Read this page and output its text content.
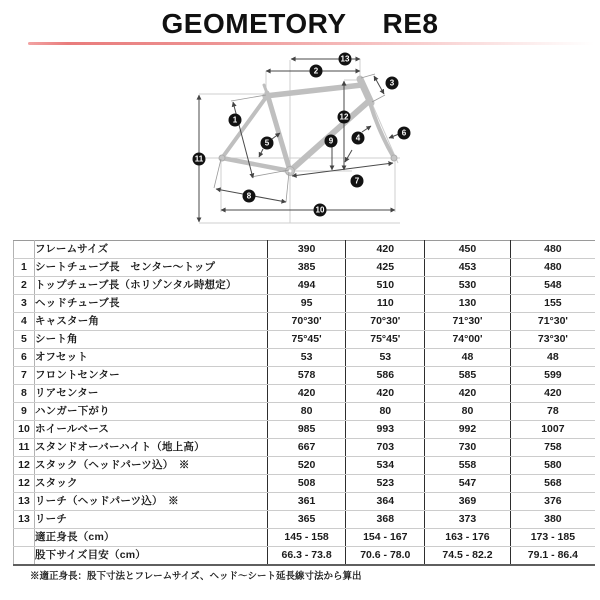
GEOMETORY RE8
1
2
3
4
5
6
7
8
9
10
11
12
13
	フレームサイズ	390	420	450	480
1	シートチューブ長　センター〜トップ	385	425	453	480
2	トップチューブ長（ホリゾンタル時想定）	494	510	530	548
3	ヘッドチューブ長	95	110	130	155
4	キャスター角	70°30'	70°30'	71°30'	71°30'
5	シート角	75°45'	75°45'	74°00'	73°30'
6	オフセット	53	53	48	48
7	フロントセンター	578	586	585	599
8	リアセンター	420	420	420	420
9	ハンガー下がり	80	80	80	78
10	ホイールベース	985	993	992	1007
11	スタンドオーバーハイト（地上高）	667	703	730	758
12	スタック（ヘッドパーツ込）　※	520	534	558	580
12	スタック	508	523	547	568
13	リーチ（ヘッドパーツ込）　※	361	364	369	376
13	リーチ	365	368	373	380
	適正身長（cm）	145 - 158	154 - 167	163 - 176	173 - 185
	股下サイズ目安（cm）	66.3 - 73.8	70.6 - 78.0	74.5 - 82.2	79.1 - 86.4
※適正身長：股下寸法とフレームサイズ、ヘッド〜シート延長線寸法から算出
